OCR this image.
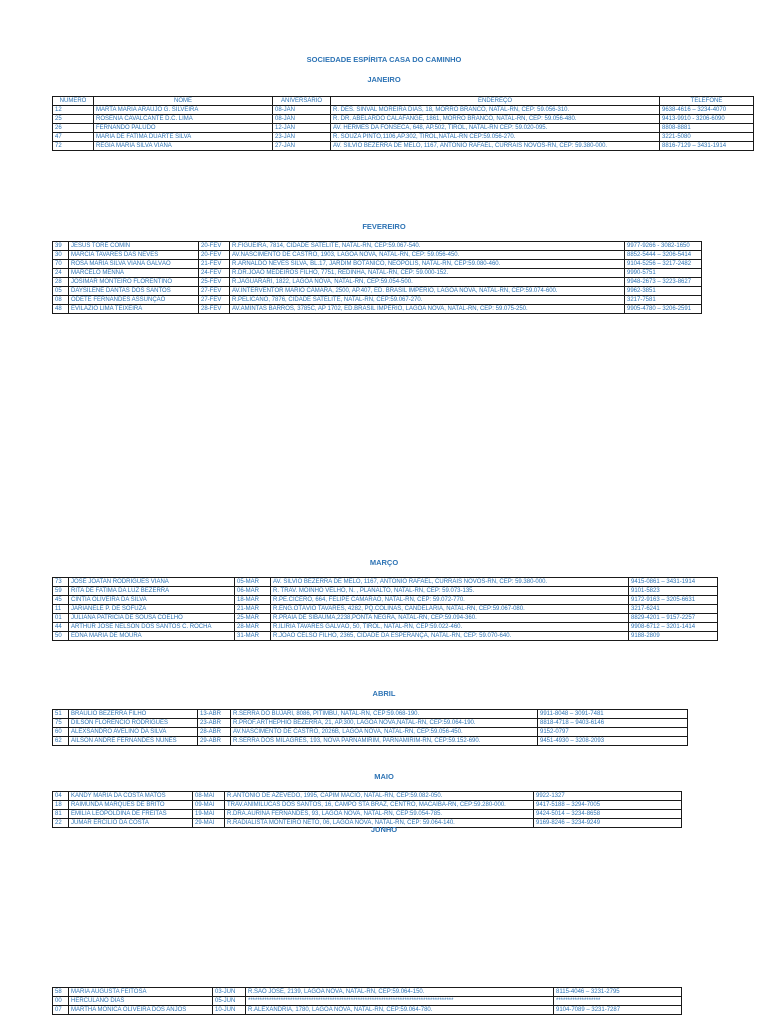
SOCIEDADE ESPÍRITA CASA DO CAMINHO
JANEIRO
NÚMERO	NOME	ANIVERSÁRIO	ENDEREÇO	TELEFONE
12	MARTA MARIA ARAUJO G. SILVEIRA	08-JAN	R. DES. SINVAL MOREIRA DIAS, 18, MORRO BRANCO, NATAL-RN, CEP: 59.056-310.	9638-4616 – 3234-4070
25	ROSENIA CAVALCANTE D.C. LIMA	08-JAN	R. DR. ABELARDO CALAFANGE, 1861, MORRO BRANCO, NATAL-RN, CEP: 59.056-480.	9413-9910 - 3206-6090
26	FERNANDO PALUDO	12-JAN	AV. HERMES DA FONSECA, 648, AP.502, TIROL, NATAL-RN CEP: 59.020-095.	8808-8881
47	MARIA DE FATIMA DUARTE SILVA	23-JAN	R. SOUZA PINTO,1106,AP.302, TIROL,NATAL-RN CEP:59.056-270.	3221-5080
72	REGIA MARIA SILVA VIANA	27-JAN	AV. SILVIO BEZERRA DE MELO, 1167, ANTONIO RAFAEL, CURRAIS NOVOS-RN, CEP: 59.380-000.	8816-7129 – 3431-1914
FEVEREIRO
39	JESUS TORÉ COMIN	20-FEV	R.FIGUEIRA, 7814, CIDADE SATÉLITE, NATAL-RN, CEP:59.067-540.	9977-9266 - 3082-1650
30	MÁRCIA TAVARES DAS NEVES	20-FEV	AV.NASCIMENTO DE CASTRO, 1903, LAGOA NOVA, NATAL-RN, CEP: 59.056-450.	8852-5444 – 3206-5414
70	ROSA MARIA SILVA VIANA GALVÃO	21-FEV	R.ARNALDO NEVES SILVA, BL.17, JARDIM BOTÂNICO, NEOPOLIS, NATAL-RN, CEP:59.080-460.	9104-5256 – 3217-2482
24	MARCELO MENNA	24-FEV	R.DR.JOÃO MEDEIROS FILHO, 7751, REDINHA, NATAL-RN, CEP: 59.000-152.	9990-5751
28	JOSIMAR MONTEIRO FLORENTINO	25-FEV	R.JAGUARARI, 1822, LAGOA NOVA, NATAL-RN, CEP:59.054-500.	9948-2673 – 3223-8627
05	DAYSILENE DANTAS DOS SANTOS	27-FEV	AV.INTERVENTOR MARIO CÂMARA, 2500, AP.407, ED. BRASIL IMPÉRIO, LAGOA NOVA, NATAL-RN, CEP:59.074-600.	9962-3851
08	ODETE FERNANDES ASSUNÇÃO	27-FEV	R.PELICANO, 7876, CIDADE SATÉLITE, NATAL-RN, CEP:59.067-270.	3217-7581
48	EVILÁZIO LIMA TEIXEIRA	28-FEV	AV.AMINTAS BARROS, 3785C, AP 1702, ED.BRASIL IMPÉRIO, LAGOA NOVA, NATAL-RN, CEP: 59.075-250.	9905-4780 – 3206-2591
MARÇO
73	JOSÉ JOATAN RODRIGUES VIANA	05-MAR	AV. SILVIO BEZERRA DE MELO, 1167, ANTONIO RAFAEL, CURRAIS NOVOS-RN, CEP: 59.380-000.	9415-0861 – 3431-1914
59	RITA DE FATIMA DA LUZ BEZERRA	06-MAR	R. TRAV. MOINHO VELHO, N. , PLANALTO, NATAL-RN, CEP: 59.073-135.	9101-5823
45	CINTIA OLIVEIRA DA SILVA	18-MAR	R.PE.CICERO, 664, FELIPE CAMARÃO, NATAL-RN, CEP: 59.072-770.	9172-9163 – 3205-6631
11	JARIANELE P. DE SOFUZA	21-MAR	R.ENG.OTÁVIO TAVARES, 4282, PQ.COLINAS, CANDELÁRIA, NATAL-RN, CEP:59.067-080.	3217-6241
01	JULIANA PATRICIA DE SOUSA COELHO	25-MAR	R.PRAIA DE SIBAUMA,2238,PONTA NEGRA, NATAL-RN, CEP:59.094-360.	8829-4201 – 9157-2257
44	ARTHUR JOSÉ NELSON DOS SANTOS C. ROCHA	28-MAR	R.ILIRIA TAVARES GALVÃO, 50, TIROL, NATAL-RN, CEP:59.022-460.	9908-6712 – 3201-1414
50	EDNA MARIA DE MOURA	31-MAR	R.JOÃO CELSO FILHO, 2365, CIDADE DA ESPERANÇA, NATAL-RN, CEP: 59.070-640.	9188-2809
ABRIL
51	BRÁULIO BEZERRA FILHO	13-ABR	R.SERRA DO BUJARI, 8086, PITIMBÚ, NATAL-RN, CEP:59.068-190.	9911-8048 – 3091-7481
75	DILSON FLORENCIO RODRIGUES	23-ABR	R.PROF.ARTHEPHIO BEZERRA, 21, AP.300, LAGOA NOVA,NATAL-RN, CEP:59.064-190.	8818-4718 – 9403-6146
60	ALEXSANDRO AVELINO DA SILVA	28-ABR	AV.NASCIMENTO DE CASTRO, 2026B, LAGOA NOVA, NATAL-RN, CEP:59.056-450.	9152-0797
62	AILSON ANDRÉ FERNANDES NUNES	29-ABR	R.SERRA DOS MILAGRES, 193, NOVA PARNAMIRIM, PARNAMIRIM-RN, CEP:59.152-690.	9451-4930 – 3208-2093
MAIO
04	KANDY MARIA DA COSTA MATOS	08-MAI	R.ANTONIO DE AZEVEDO, 1995, CAPIM MACIO, NATAL-RN, CEP:59.082-050.	9922-1327
18	RAIMUNDA MARQUES DE BRITO	09-MAI	TRAV.ANIMILUCAS DOS SANTOS, 16, CAMPO STA BRAZ, CENTRO, MACAÍBA-RN, CEP:59.280-000.	9417-5188 – 3294-7005
81	EMILIA LEOPOLDINA DE FREITAS	19-MAI	R.DRA.AURINA FERNANDES, 93, LAGOA NOVA, NATAL-RN, CEP:59.054-785.	9424-5014 – 3234-8658
22	JUMAR ERCILIO DA COSTA	29-MAI	R.RADIALISTA MONTEIRO NETO, 06, LAGOA NOVA, NATAL-RN, CEP: 59.064-140.	9169-8246 – 3234-9249
JUNHO
58	MARIA AUGUSTA FEITOSA	03-JUN	R.SÃO JOSÉ, 2139, LAGOA NOVA, NATAL-RN, CEP:59.064-150.	8115-4046 – 3231-2795
00	HERCULANO DIAS	05-JUN	****************************************************************************************	*******************
07	MARTHA MÔNICA OLIVEIRA DOS ANJOS	10-JUN	R.ALEXANDRIA, 1780, LAGOA NOVA, NATAL-RN, CEP:59.064-780.	9104-7089 – 3231-7287
